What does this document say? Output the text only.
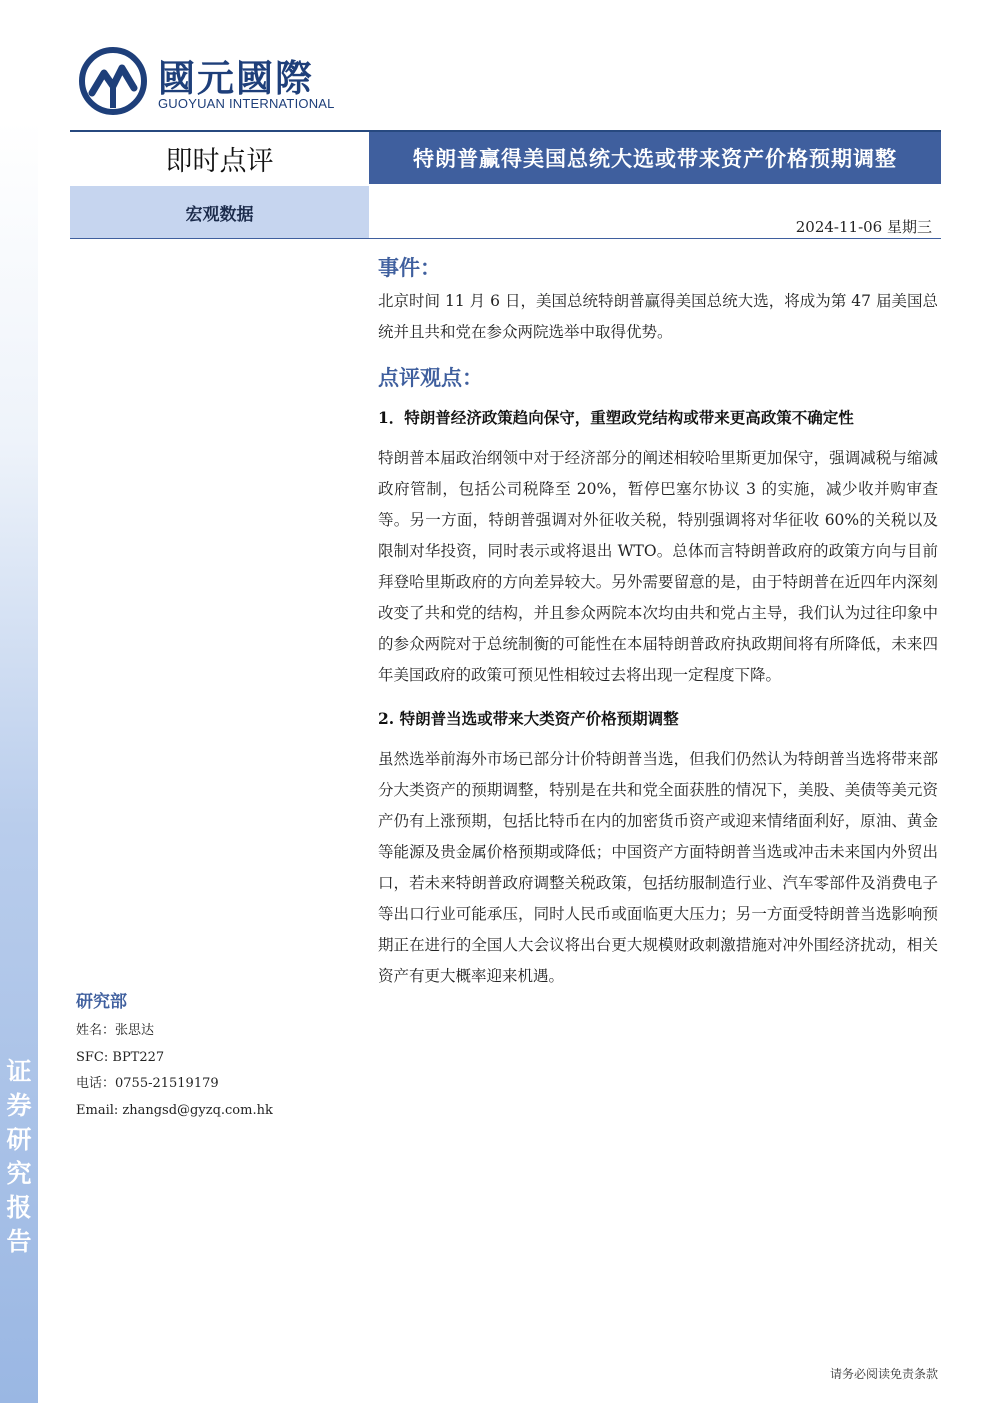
证
券
研
究
报
告
國元國際
GUOYUAN INTERNATIONAL
即时点评	特朗普赢得美国总统大选或带来资产价格预期调整
宏观数据
2024-11-06 星期三
事件：

北京时间 11 月 6 日，美国总统特朗普赢得美国总统大选，将成为第 47 届美国总统并且共和党在参众两院选举中取得优势。

点评观点：
1．特朗普经济政策趋向保守，重塑政党结构或带来更高政策不确定性

特朗普本届政治纲领中对于经济部分的阐述相较哈里斯更加保守，强调减税与缩减政府管制，包括公司税降至 20%，暂停巴塞尔协议 3 的实施，减少收并购审查等。另一方面，特朗普强调对外征收关税，特别强调将对华征收 60%的关税以及限制对华投资，同时表示或将退出 WTO。总体而言特朗普政府的政策方向与目前拜登哈里斯政府的方向差异较大。另外需要留意的是，由于特朗普在近四年内深刻改变了共和党的结构，并且参众两院本次均由共和党占主导，我们认为过往印象中的参众两院对于总统制衡的可能性在本届特朗普政府执政期间将有所降低，未来四年美国政府的政策可预见性相较过去将出现一定程度下降。

2. 特朗普当选或带来大类资产价格预期调整

虽然选举前海外市场已部分计价特朗普当选，但我们仍然认为特朗普当选将带来部分大类资产的预期调整，特别是在共和党全面获胜的情况下，美股、美债等美元资产仍有上涨预期，包括比特币在内的加密货币资产或迎来情绪面利好，原油、黄金等能源及贵金属价格预期或降低；中国资产方面特朗普当选或冲击未来国内外贸出口，若未来特朗普政府调整关税政策，包括纺服制造行业、汽车零部件及消费电子等出口行业可能承压，同时人民币或面临更大压力；另一方面受特朗普当选影响预期正在进行的全国人大会议将出台更大规模财政刺激措施对冲外围经济扰动，相关资产有更大概率迎来机遇。

研究部
姓名：张思达
SFC: BPT227
电话：0755-21519179
Email: zhangsd@gyzq.com.hk
请务必阅读免责条款
